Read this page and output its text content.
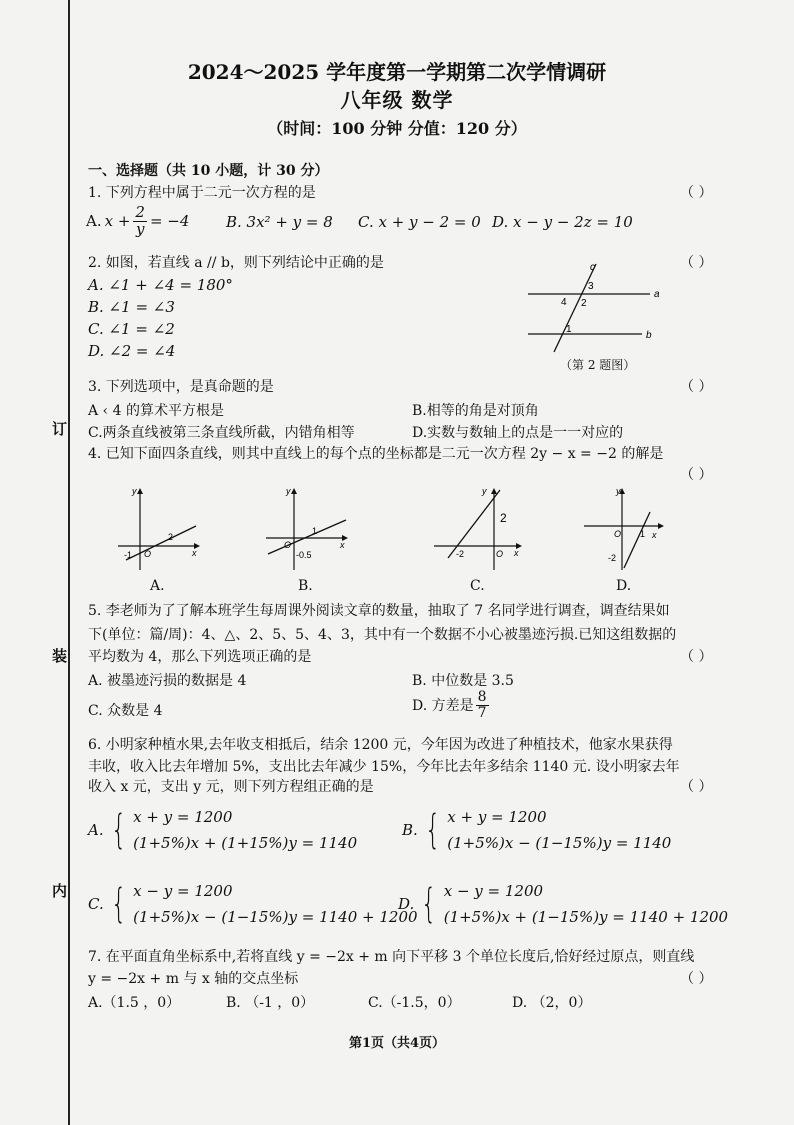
订
装
内
2024～2025 学年度第一学期第二次学情调研
八年级 数学
（时间：100 分钟 分值：120 分）
一、选择题（共 10 小题，计 30 分）
1. 下列方程中属于二元一次方程的是	（ ）
A. $x + \frac{2}{y} = -4$ B. 3x² + y = 8 C. x + y − 2 = 0 D. x − y − 2z = 10
2. 如图，若直线 a // b，则下列结论中正确的是	（ ）
A. ∠1 + ∠4 = 180°
B. ∠1 = ∠3
C. ∠1 = ∠2
D. ∠2 = ∠4
c
a
b
3
2
4
1
（第 2 题图）
3. 下列选项中，是真命题的是	（ ）
A ‹ 4 的算术平方根是	B.相等的角是对顶角
C.两条直线被第三条直线所截，内错角相等	D.实数与数轴上的点是一一对应的
4. 已知下面四条直线，则其中直线上的每个点的坐标都是二元一次方程 2y − x = −2 的解是
（ ）
y
x
O
-1
2
A.
y
x
O
-0.5
1
B.
y
x
O
-2
2
C.
y
x
O 1
-2
D.
5. 李老师为了了解本班学生每周课外阅读文章的数量，抽取了 7 名同学进行调查，调查结果如
下(单位：篇/周)：4、△、2、5、5、4、3，其中有一个数据不小心被墨迹污损.已知这组数据的
平均数为 4，那么下列选项正确的是	（ ）
A. 被墨迹污损的数据是 4	B. 中位数是 3.5
C. 众数是 4	D. 方差是 $\frac{8}{7}$
6. 小明家种植水果,去年收支相抵后，结余 1200 元，今年因为改进了种植技术，他家水果获得
丰收，收入比去年增加 5%，支出比去年减少 15%，今年比去年多结余 1140 元. 设小明家去年
收入 x 元，支出 y 元，则下列方程组正确的是	（ ）
A. { x + y = 1200
(1+5%)x + (1+15%)y = 1140
B. { x + y = 1200
(1+5%)x − (1−15%)y = 1140
C. { x − y = 1200
(1+5%)x − (1−15%)y = 1140 + 1200
D. { x − y = 1200
(1+5%)x + (1−15%)y = 1140 + 1200
7. 在平面直角坐标系中,若将直线 y = −2x + m 向下平移 3 个单位长度后,恰好经过原点，则直线
y = −2x + m 与 x 轴的交点坐标	（ ）
A.（1.5 ，0）	B. （-1 ，0）	C.（-1.5，0）	D. （2，0）
第1页（共4页）
